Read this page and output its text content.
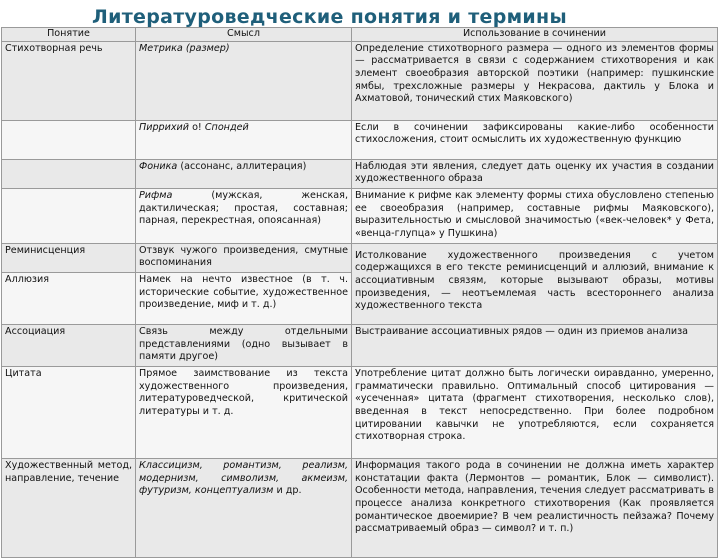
Литературоведческие понятия и термины
Понятие	Смысл	Использование в сочинении
Стихотворная речь	Метрика (размер)	Определение стихотворного размера — одного из элементов формы — рассматривается в связи с содержанием стихотворения и как элемент своеобразия авторской поэтики (например: пушкинские ямбы, трехсложные размеры у Некрасова, дактиль у Блока и Ахматовой, тонический стих Маяковского)
	Пиррихий о! Спондей	Если в сочинении зафиксированы какие-либо особенности стихосложения, стоит осмыслить их художественную функцию
	Фоника (ассонанс, аллитерация)	Наблюдая эти явления, следует дать оценку их участия в создании художественного образа
	Рифма (мужская, женская, дактилическая; простая, составная; парная, перекрестная, опоясанная)	Внимание к рифме как элементу формы стиха обусловлено степенью ее своеобразия (например, составные рифмы Маяковского), выразительностью и смысловой значимостью («век-человек* у Фета, «венца-глупца» у Пушкина)
Реминисценция	Отзвук чужого произведения, смутные воспоминания	Истолкование художественного произведения с учетом содержащихся в его тексте реминисценций и аллюзий, внимание к ассоциативным связям, которые вызывают образы, мотивы произведения, — неотъемлемая часть всестороннего анализа художественного текста
Аллюзия	Намек на нечто известное (в т. ч. исторические событие, художественное произведение, миф и т. д.)	
Ассоциация	Связь между отдельными представлениями (одно вызывает в памяти другое)	Выстраивание ассоциативных рядов — один из приемов анализа
Цитата	Прямое заимствование из текста художественного произведения, литературоведческой, критической литературы и т. д.	Употребление цитат должно быть логически оиравданно, умеренно, грамматически правильно. Оптимальный способ цитирования — «усеченная» цитата (фрагмент стихотворения, несколько слов), введенная в текст непосредственно. При более подробном цитировании кавычки не употребляются, если сохраняется стихотворная строка.
Художественный метод, направление, течение	Классицизм, романтизм, реализм, модернизм, символизм, акмеизм, футуризм, концептуализм и др.	Информация такого рода в сочинении не должна иметь характер констатации факта (Лермонтов — романтик, Блок — символист). Особенности метода, направления, течения следует рассматривать в процессе анализа конкретного стихотворения (Как проявляется романтическое двоемирие? В чем реалистичность пейзажа? Почему рассматриваемый образ — символ? и т. п.)
